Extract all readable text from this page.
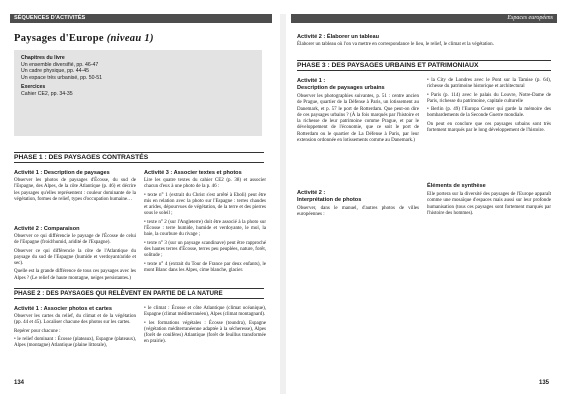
SÉQUENCES D'ACTIVITÉS
Paysages d'Europe (niveau 1)
Chapitres du livre
Un ensemble diversifié, pp. 46-47
Un cadre physique, pp. 44-45
Un espace très urbanisé, pp. 50-51
Exercices
Cahier CE2, pp. 34-35
PHASE 1 : DES PAYSAGES CONTRASTÉS
Activité 1 : Description de paysages
Observer les photos de paysages d'Écosse, du sud de l'Espagne, des Alpes, de la côte Atlantique (p. 46) et décrire les paysages qu'elles représentent : couleur dominante de la végétation, formes de relief, types d'occupation humaine…
Activité 2 : Comparaison

Observer ce qui différencie le paysage de l'Écosse de celui de l'Espagne (froid/humid, aridité de l'Espagne).

Observer ce qui différencie la côte de l'Atlantique du paysage du sud de l'Espagne (humide et verdoyant/aride et sec).

Quelle est la grande différence de tous ces paysages avec les Alpes ? (Le relief de haute montagne, neiges persistantes.)

Activité 3 : Associer textes et photos

Lire les quatre textes du cahier CE2 (p. 38) et associer chacun d'eux à une photo de la p. 46 :

• texte n° 1 (extrait du Christ s'est arrêté à Eboli) peut être mis en relation avec la photo sur l'Espagne : terres chaudes et arides, dépourvues de végétation, de la terre et des pierres sous le soleil ;

• texte n° 2 (sur l'Angleterre) doit être associé à la photo sur l'Écosse : terre humide, humide et verdoyante, le mol, la baie, la courbure du rivage ;

• texte n° 3 (sur un paysage scandinave) peut être rapproché des hautes terres d'Écosse, terres peu peuplées, nature, forêt, solitude ;

• texte n° 4 (extrait du Tour de France par deux enfants), le mont Blanc dans les Alpes, cime blanche, glacier.

PHASE 2 : DES PAYSAGES QUI RELÈVENT EN PARTIE DE LA NATURE
Activité 1 : Associer photos et cartes

Observer les cartes du relief, du climat et de la végétation (pp. 44 et 45). Localiser chacune des photos sur les cartes.

Repérer pour chacune :

• le relief dominant : Écosse (plateaux), Espagne (plateaux), Alpes (montagne) Atlantique (plaine littorale),

• le climat : Écosse et côte Atlantique (climat océanique), Espagne (climat méditerranéen), Alpes (climat montagnard).

• les formations végétales : Écosse (toundra), Espagne (végétation méditerranéenne adaptée à la sécheresse), Alpes (forêt de conifères) Atlantique (forêt de feuillus transformée en prairie).

134
Espaces européens
Activité 2 : Élaborer un tableau
Élaborer un tableau où l'on va mettre en correspondance le lieu, le relief, le climat et la végétation.
PHASE 3 : DES PAYSAGES URBAINS ET PATRIMONIAUX
Activité 1 :
Description de paysages urbains
Observer les photographies suivantes, p. 51 : centre ancien de Prague, quartier de la Défense à Paris, un lotissement au Danemark, et p. 57 le port de Rotterdam. Que peut-on dire de ces paysages urbains ? (À la fois marqués par l'histoire et la richesse de leur patrimoine comme Prague, et par le développement de l'économie, que ce soit le port de Rotterdam ou le quartier de La Défense à Paris, par leur extension ordonnée en lotissements comme au Danemark.)
Activité 2 :
Interprétation de photos
Observer, dans le manuel, d'autres photos de villes européennes :

• la City de Londres avec le Pont sur la Tamise (p. 64), richesse du patrimoine historique et architectural

• Paris (p. 114) avec le palais du Louvre, Notre-Dame de Paris, richesse du patrimoine, capitale culturelle

• Berlin (p. 49) l'Europa Center qui garde la mémoire des bombardements de la Seconde Guerre mondiale.

On peut en conclure que ces paysages urbains sont très fortement marqués par le long développement de l'histoire.

Éléments de synthèse
Elle portera sur la diversité des paysages de l'Europe apparaît comme une mosaïque d'espaces mais aussi sur leur profonde humanisation (tous ces paysages sont fortement marqués par l'histoire des hommes).
135
